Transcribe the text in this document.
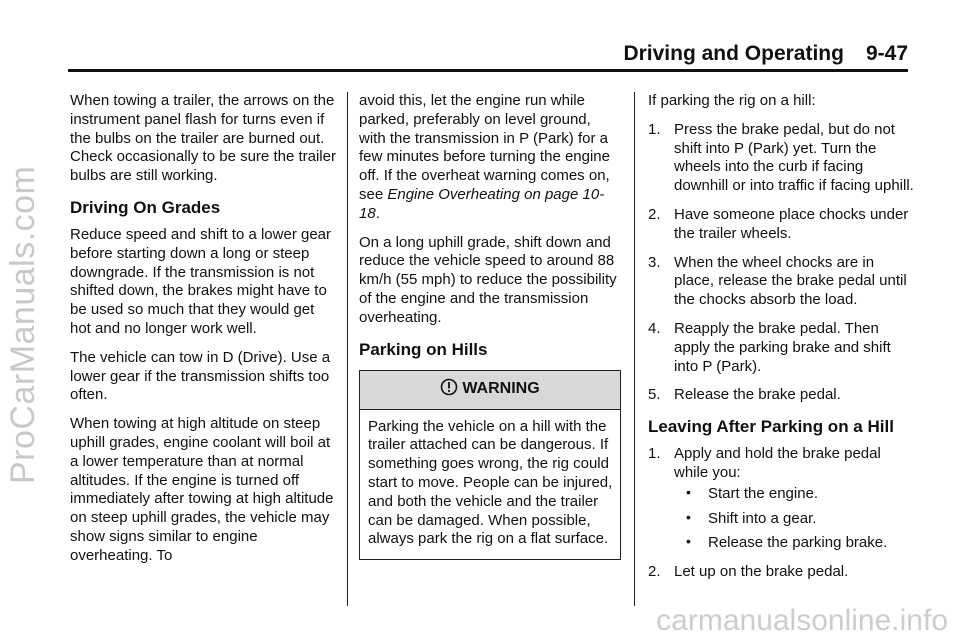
ProCarManuals.com
Driving and Operating 9-47

When towing a trailer, the arrows on the instrument panel flash for turns even if the bulbs on the trailer are burned out. Check occasionally to be sure the trailer bulbs are still working.

Driving On Grades

Reduce speed and shift to a lower gear before starting down a long or steep downgrade. If the transmission is not shifted down, the brakes might have to be used so much that they would get hot and no longer work well.

The vehicle can tow in D (Drive). Use a lower gear if the transmission shifts too often.

When towing at high altitude on steep uphill grades, engine coolant will boil at a lower temperature than at normal altitudes. If the engine is turned off immediately after towing at high altitude on steep uphill grades, the vehicle may show signs similar to engine overheating. To

avoid this, let the engine run while parked, preferably on level ground, with the transmission in P (Park) for a few minutes before turning the engine off. If the overheat warning comes on, see Engine Overheating on page 10-18.

On a long uphill grade, shift down and reduce the vehicle speed to around 88 km/h (55 mph) to reduce the possibility of the engine and the transmission overheating.

Parking on Hills
WARNING
Parking the vehicle on a hill with the trailer attached can be dangerous. If something goes wrong, the rig could start to move. People can be injured, and both the vehicle and the trailer can be damaged. When possible, always park the rig on a flat surface.

If parking the rig on a hill:

1. Press the brake pedal, but do not shift into P (Park) yet. Turn the wheels into the curb if facing downhill or into traffic if facing uphill.
2. Have someone place chocks under the trailer wheels.
3. When the wheel chocks are in place, release the brake pedal until the chocks absorb the load.
4. Reapply the brake pedal. Then apply the parking brake and shift into P (Park).
5. Release the brake pedal.
Leaving After Parking on a Hill
1. Apply and hold the brake pedal while you:
• Start the engine.
• Shift into a gear.
• Release the parking brake.
2. Let up on the brake pedal.
carmanualsonline.info
